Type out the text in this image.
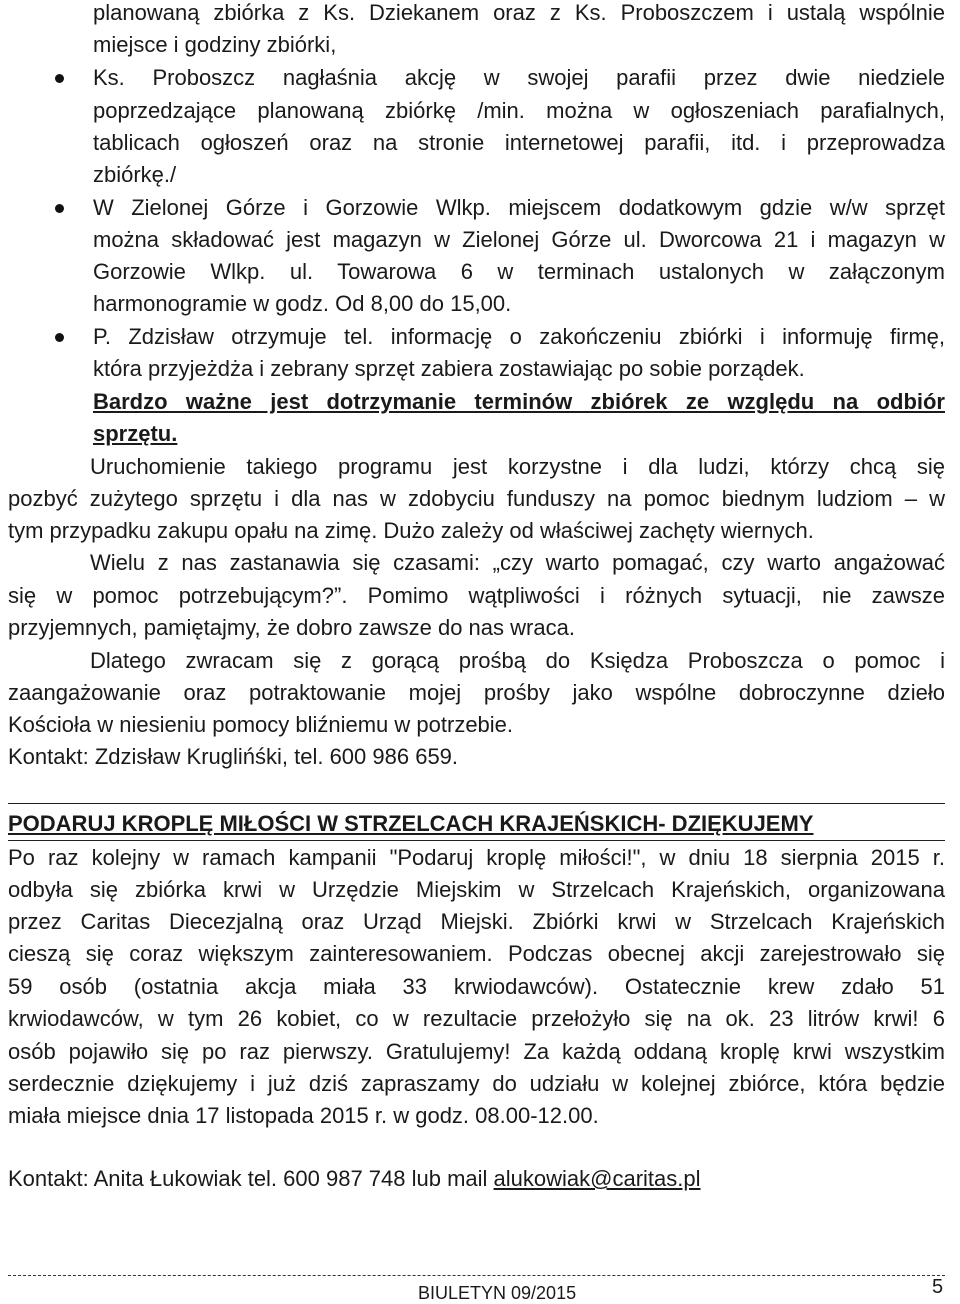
planowaną zbiórka z Ks. Dziekanem oraz z Ks. Proboszczem i ustalą wspólnie
miejsce i godziny zbiórki,
Ks. Proboszcz nagłaśnia akcję w swojej parafii przez dwie niedziele
poprzedzające planowaną zbiórkę /min. można w ogłoszeniach parafialnych,
tablicach ogłoszeń oraz na stronie internetowej parafii, itd. i przeprowadza
zbiórkę./
W Zielonej Górze i Gorzowie Wlkp. miejscem dodatkowym gdzie w/w sprzęt
można składować jest magazyn w Zielonej Górze ul. Dworcowa 21 i magazyn w
Gorzowie Wlkp. ul. Towarowa 6 w terminach ustalonych w załączonym
harmonogramie w godz. Od 8,00 do 15,00.
P. Zdzisław otrzymuje tel. informację o zakończeniu zbiórki i informuję firmę,
która przyjeżdża i zebrany sprzęt zabiera zostawiając po sobie porządek.
Bardzo ważne jest dotrzymanie terminów zbiórek ze względu na odbiór
sprzętu.
Uruchomienie takiego programu jest korzystne i dla ludzi, którzy chcą się
pozbyć zużytego sprzętu i dla nas w zdobyciu funduszy na pomoc biednym ludziom – w
tym przypadku zakupu opału na zimę. Dużo zależy od właściwej zachęty wiernych.
Wielu z nas zastanawia się czasami: „czy warto pomagać, czy warto angażować
się w pomoc potrzebującym?”. Pomimo wątpliwości i różnych sytuacji, nie zawsze
przyjemnych, pamiętajmy, że dobro zawsze do nas wraca.
Dlatego zwracam się z gorącą prośbą do Księdza Proboszcza o pomoc i
zaangażowanie oraz potraktowanie mojej prośby jako wspólne dobroczynne dzieło
Kościoła w niesieniu pomocy bliźniemu w potrzebie.
Kontakt: Zdzisław Kruglińśki, tel. 600 986 659.
PODARUJ KROPLĘ MIŁOŚCI W STRZELCACH KRAJEŃSKICH- DZIĘKUJEMY
Po raz kolejny w ramach kampanii "Podaruj kroplę miłości!", w dniu 18 sierpnia 2015 r.
odbyła się zbiórka krwi w Urzędzie Miejskim w Strzelcach Krajeńskich, organizowana
przez Caritas Diecezjalną oraz Urząd Miejski. Zbiórki krwi w Strzelcach Krajeńskich
cieszą się coraz większym zainteresowaniem. Podczas obecnej akcji zarejestrowało się
59 osób (ostatnia akcja miała 33 krwiodawców). Ostatecznie krew zdało 51
krwiodawców, w tym 26 kobiet, co w rezultacie przełożyło się na ok. 23 litrów krwi! 6
osób pojawiło się po raz pierwszy. Gratulujemy! Za każdą oddaną kroplę krwi wszystkim
serdecznie dziękujemy i już dziś zapraszamy do udziału w kolejnej zbiórce, która będzie
miała miejsce dnia 17 listopada 2015 r. w godz. 08.00-12.00.
Kontakt: Anita Łukowiak tel. 600 987 748 lub mail alukowiak@caritas.pl
BIULETYN 09/2015	5
